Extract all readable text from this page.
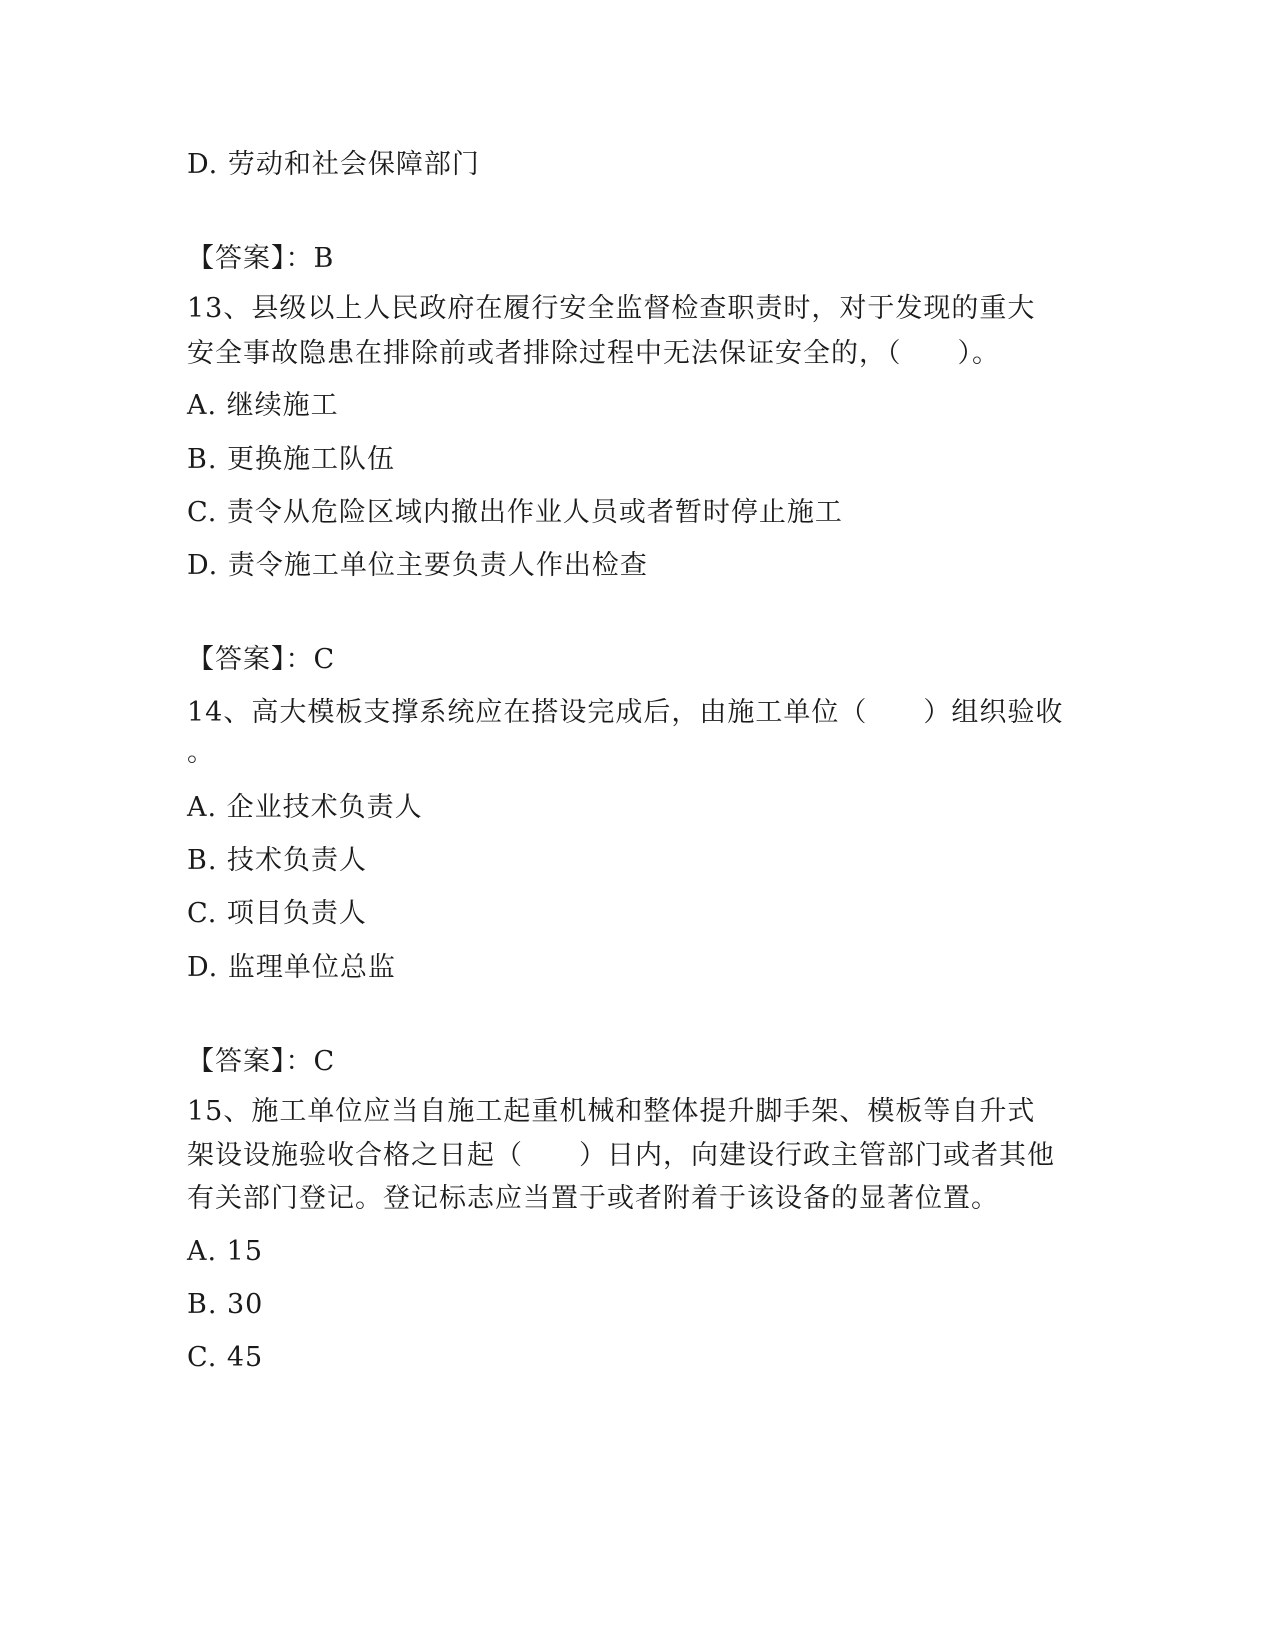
D. 劳动和社会保障部门
【答案】：B
13、县级以上人民政府在履行安全监督检查职责时，对于发现的重大
安全事故隐患在排除前或者排除过程中无法保证安全的，（　　）。
A. 继续施工
B. 更换施工队伍
C. 责令从危险区域内撤出作业人员或者暂时停止施工
D. 责令施工单位主要负责人作出检查
【答案】：C
14、高大模板支撑系统应在搭设完成后，由施工单位（　　）组织验收
。
A. 企业技术负责人
B. 技术负责人
C. 项目负责人
D. 监理单位总监
【答案】：C
15、施工单位应当自施工起重机械和整体提升脚手架、模板等自升式
架设设施验收合格之日起（　　）日内，向建设行政主管部门或者其他
有关部门登记。登记标志应当置于或者附着于该设备的显著位置。
A. 15
B. 30
C. 45
